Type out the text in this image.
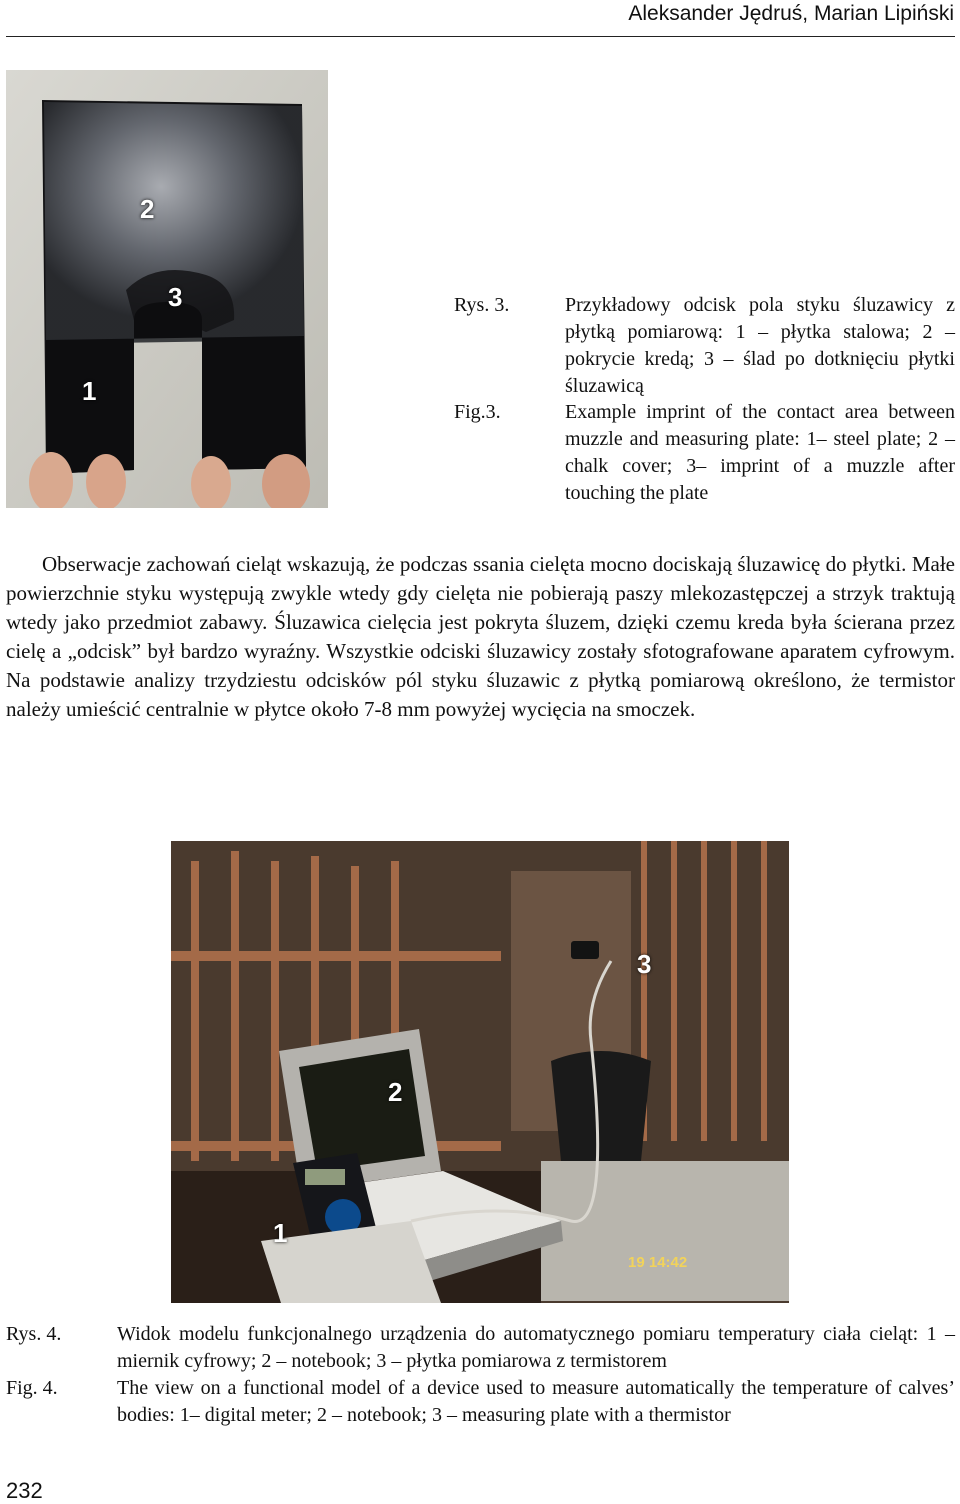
Aleksander Jędruś, Marian Lipiński
2
3
1
Rys. 3.	Przykładowy odcisk pola styku śluzawicy z płytką pomiarową: 1 – płytka stalowa; 2 – pokrycie kredą; 3 – ślad po dotknięciu płytki śluzawicą
Fig.3.	Example imprint of the contact area between muzzle and measuring plate: 1– steel plate; 2 – chalk cover; 3– imprint of a muzzle after touching the plate
Obserwacje zachowań cieląt wskazują, że podczas ssania cielęta mocno dociskają śluzawicę do płytki. Małe powierzchnie styku występują zwykle wtedy gdy cielęta nie pobierają paszy mlekozastępczej a strzyk traktują wtedy jako przedmiot zabawy. Śluzawica cielęcia jest pokryta śluzem, dzięki czemu kreda była ścierana przez cielę a „odcisk” był bardzo wyraźny. Wszystkie odciski śluzawicy zostały sfotografowane aparatem cyfrowym. Na podstawie analizy trzydziestu odcisków pól styku śluzawic z płytką pomiarową określono, że termistor należy umieścić centralnie w płytce około 7-8 mm powyżej wycięcia na smoczek.
2
3
1
19 14:42
Rys. 4.	Widok modelu funkcjonalnego urządzenia do automatycznego pomiaru temperatury ciała cieląt: 1 – miernik cyfrowy; 2 – notebook; 3 – płytka pomiarowa z termistorem
Fig. 4.	The view on a functional model of a device used to measure automatically the temperature of calves’ bodies: 1– digital meter; 2 – notebook; 3 – measuring plate with a thermistor
232
